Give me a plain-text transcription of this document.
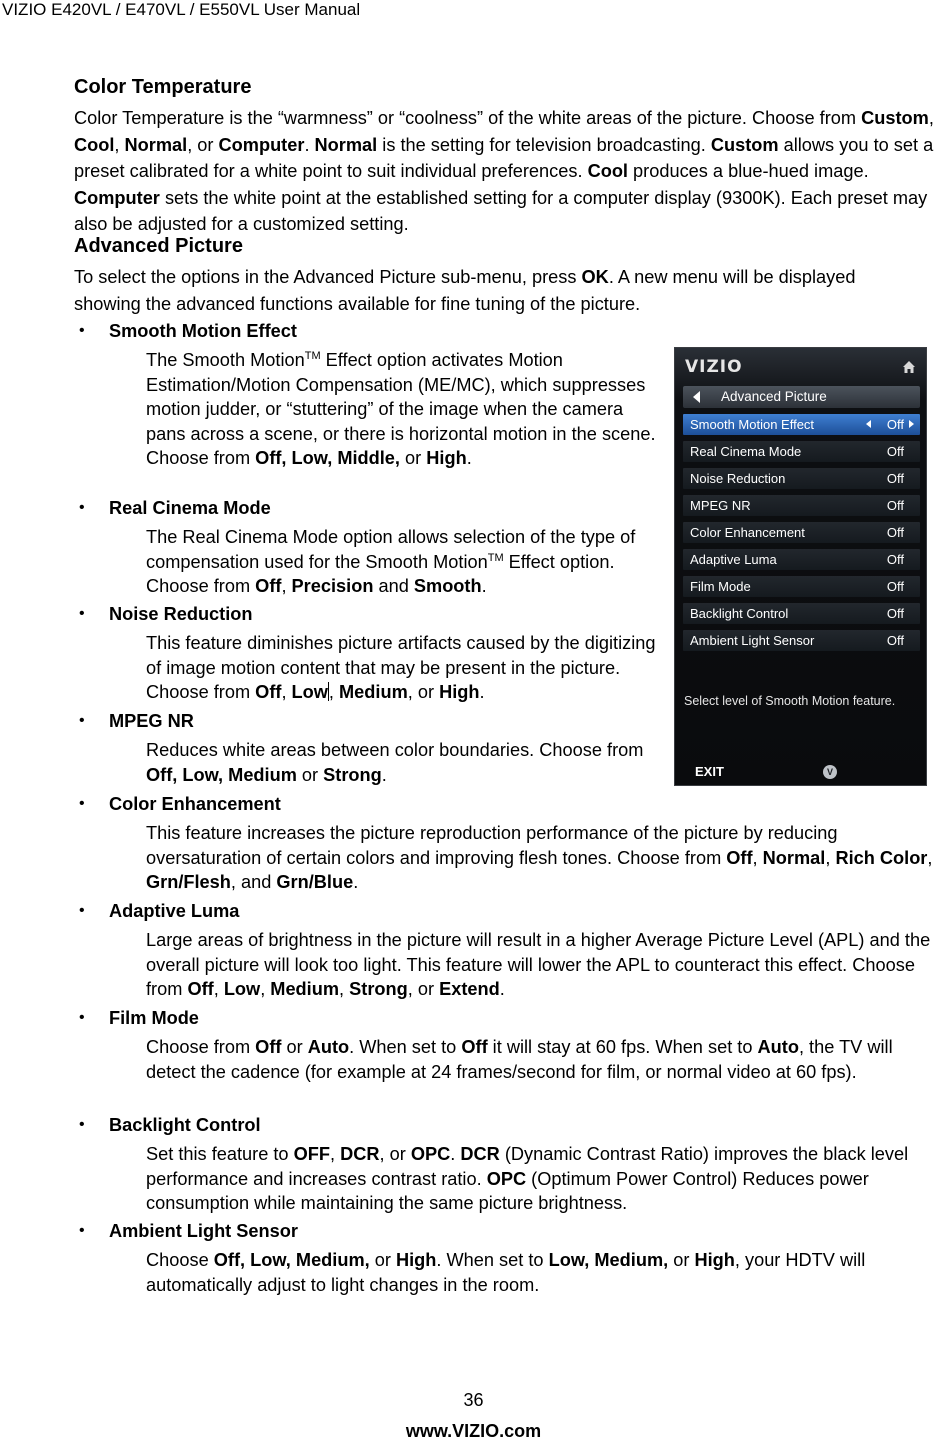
VIZIO E420VL / E470VL / E550VL User Manual
Color Temperature
Color Temperature is the “warmness” or “coolness” of the white areas of the picture. Choose from Custom, Cool, Normal, or Computer. Normal is the setting for television broadcasting. Custom allows you to set a preset calibrated for a white point to suit individual preferences. Cool produces a blue-hued image. Computer sets the white point at the established setting for a computer display (9300K). Each preset may also be adjusted for a customized setting.
Advanced Picture
To select the options in the Advanced Picture sub-menu, press OK. A new menu will be displayed showing the advanced functions available for fine tuning of the picture.
• Smooth Motion Effect
The Smooth Motion™ Effect option activates Motion Estimation/Motion Compensation (ME/MC), which suppresses motion judder, or “stuttering” of the image when the camera pans across a scene, or there is horizontal motion in the scene. Choose from Off, Low, Middle, or High.
• Real Cinema Mode
The Real Cinema Mode option allows selection of the type of compensation used for the Smooth Motion™ Effect option. Choose from Off, Precision and Smooth.
• Noise Reduction
This feature diminishes picture artifacts caused by the digitizing of image motion content that may be present in the picture. Choose from Off, Low, Medium, or High.
• MPEG NR
Reduces white areas between color boundaries. Choose from Off, Low, Medium or Strong.
• Color Enhancement
This feature increases the picture reproduction performance of the picture by reducing oversaturation of certain colors and improving flesh tones. Choose from Off, Normal, Rich Color, Grn/Flesh, and Grn/Blue.
• Adaptive Luma
Large areas of brightness in the picture will result in a higher Average Picture Level (APL) and the overall picture will look too light. This feature will lower the APL to counteract this effect. Choose from Off, Low, Medium, Strong, or Extend.
• Film Mode
Choose from Off or Auto. When set to Off it will stay at 60 fps. When set to Auto, the TV will detect the cadence (for example at 24 frames/second for film, or normal video at 60 fps).
• Backlight Control
Set this feature to OFF, DCR, or OPC. DCR (Dynamic Contrast Ratio) improves the black level performance and increases contrast ratio. OPC (Optimum Power Control) Reduces power consumption while maintaining the same picture brightness.
• Ambient Light Sensor
Choose Off, Low, Medium, or High. When set to Low, Medium, or High, your HDTV will automatically adjust to light changes in the room.
VIZIO
Advanced Picture
Smooth Motion Effect	Off
Real Cinema Mode	Off
Noise Reduction	Off
MPEG NR	Off
Color Enhancement	Off
Adaptive Luma	Off
Film Mode	Off
Backlight Control	Off
Ambient Light Sensor	Off
Select level of Smooth Motion feature.
EXIT	V
36
www.VIZIO.com
